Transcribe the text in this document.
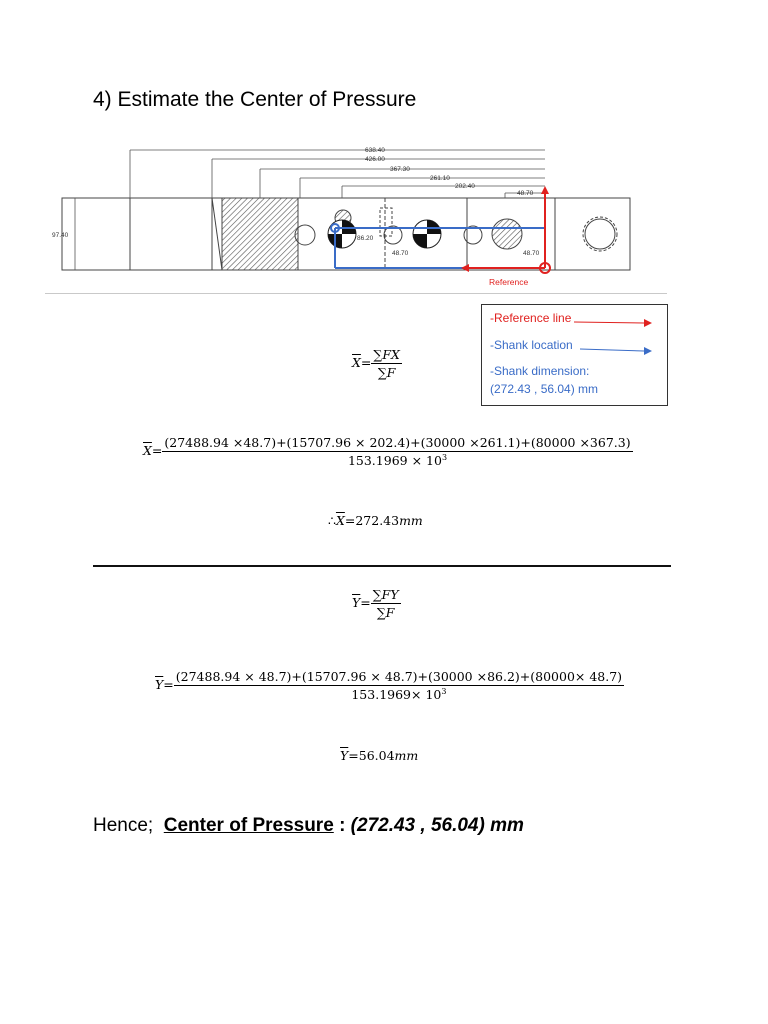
4) Estimate the Center of Pressure
638.40
426.00
367.30
261.10
202.40
48.70
97.40	86.20
48.70	48.70
Reference
-Reference line
-Shank location
-Shank dimension:
(272.43 , 56.04) mm
$\overline{X}= \frac{\sum FX}{\sum F}$
$\overline{X}=$
(27488.94 ×48.7)+(15707.96 × 202.4)+(30000 ×261.1)+(80000 ×367.3)
$153.1969 \times 10^3$
$\therefore\overline{X}=272.43mm$
$\overline{Y}= \frac{\sum FY}{\sum F}$
$\overline{Y}=$
(27488.94 × 48.7)+(15707.96 × 48.7)+(30000 ×86.2)+(80000× 48.7)
$153.1969\times 10^3$
$\overline{Y}=56.04mm$
Hence; Center of Pressure : (272.43 , 56.04) mm
